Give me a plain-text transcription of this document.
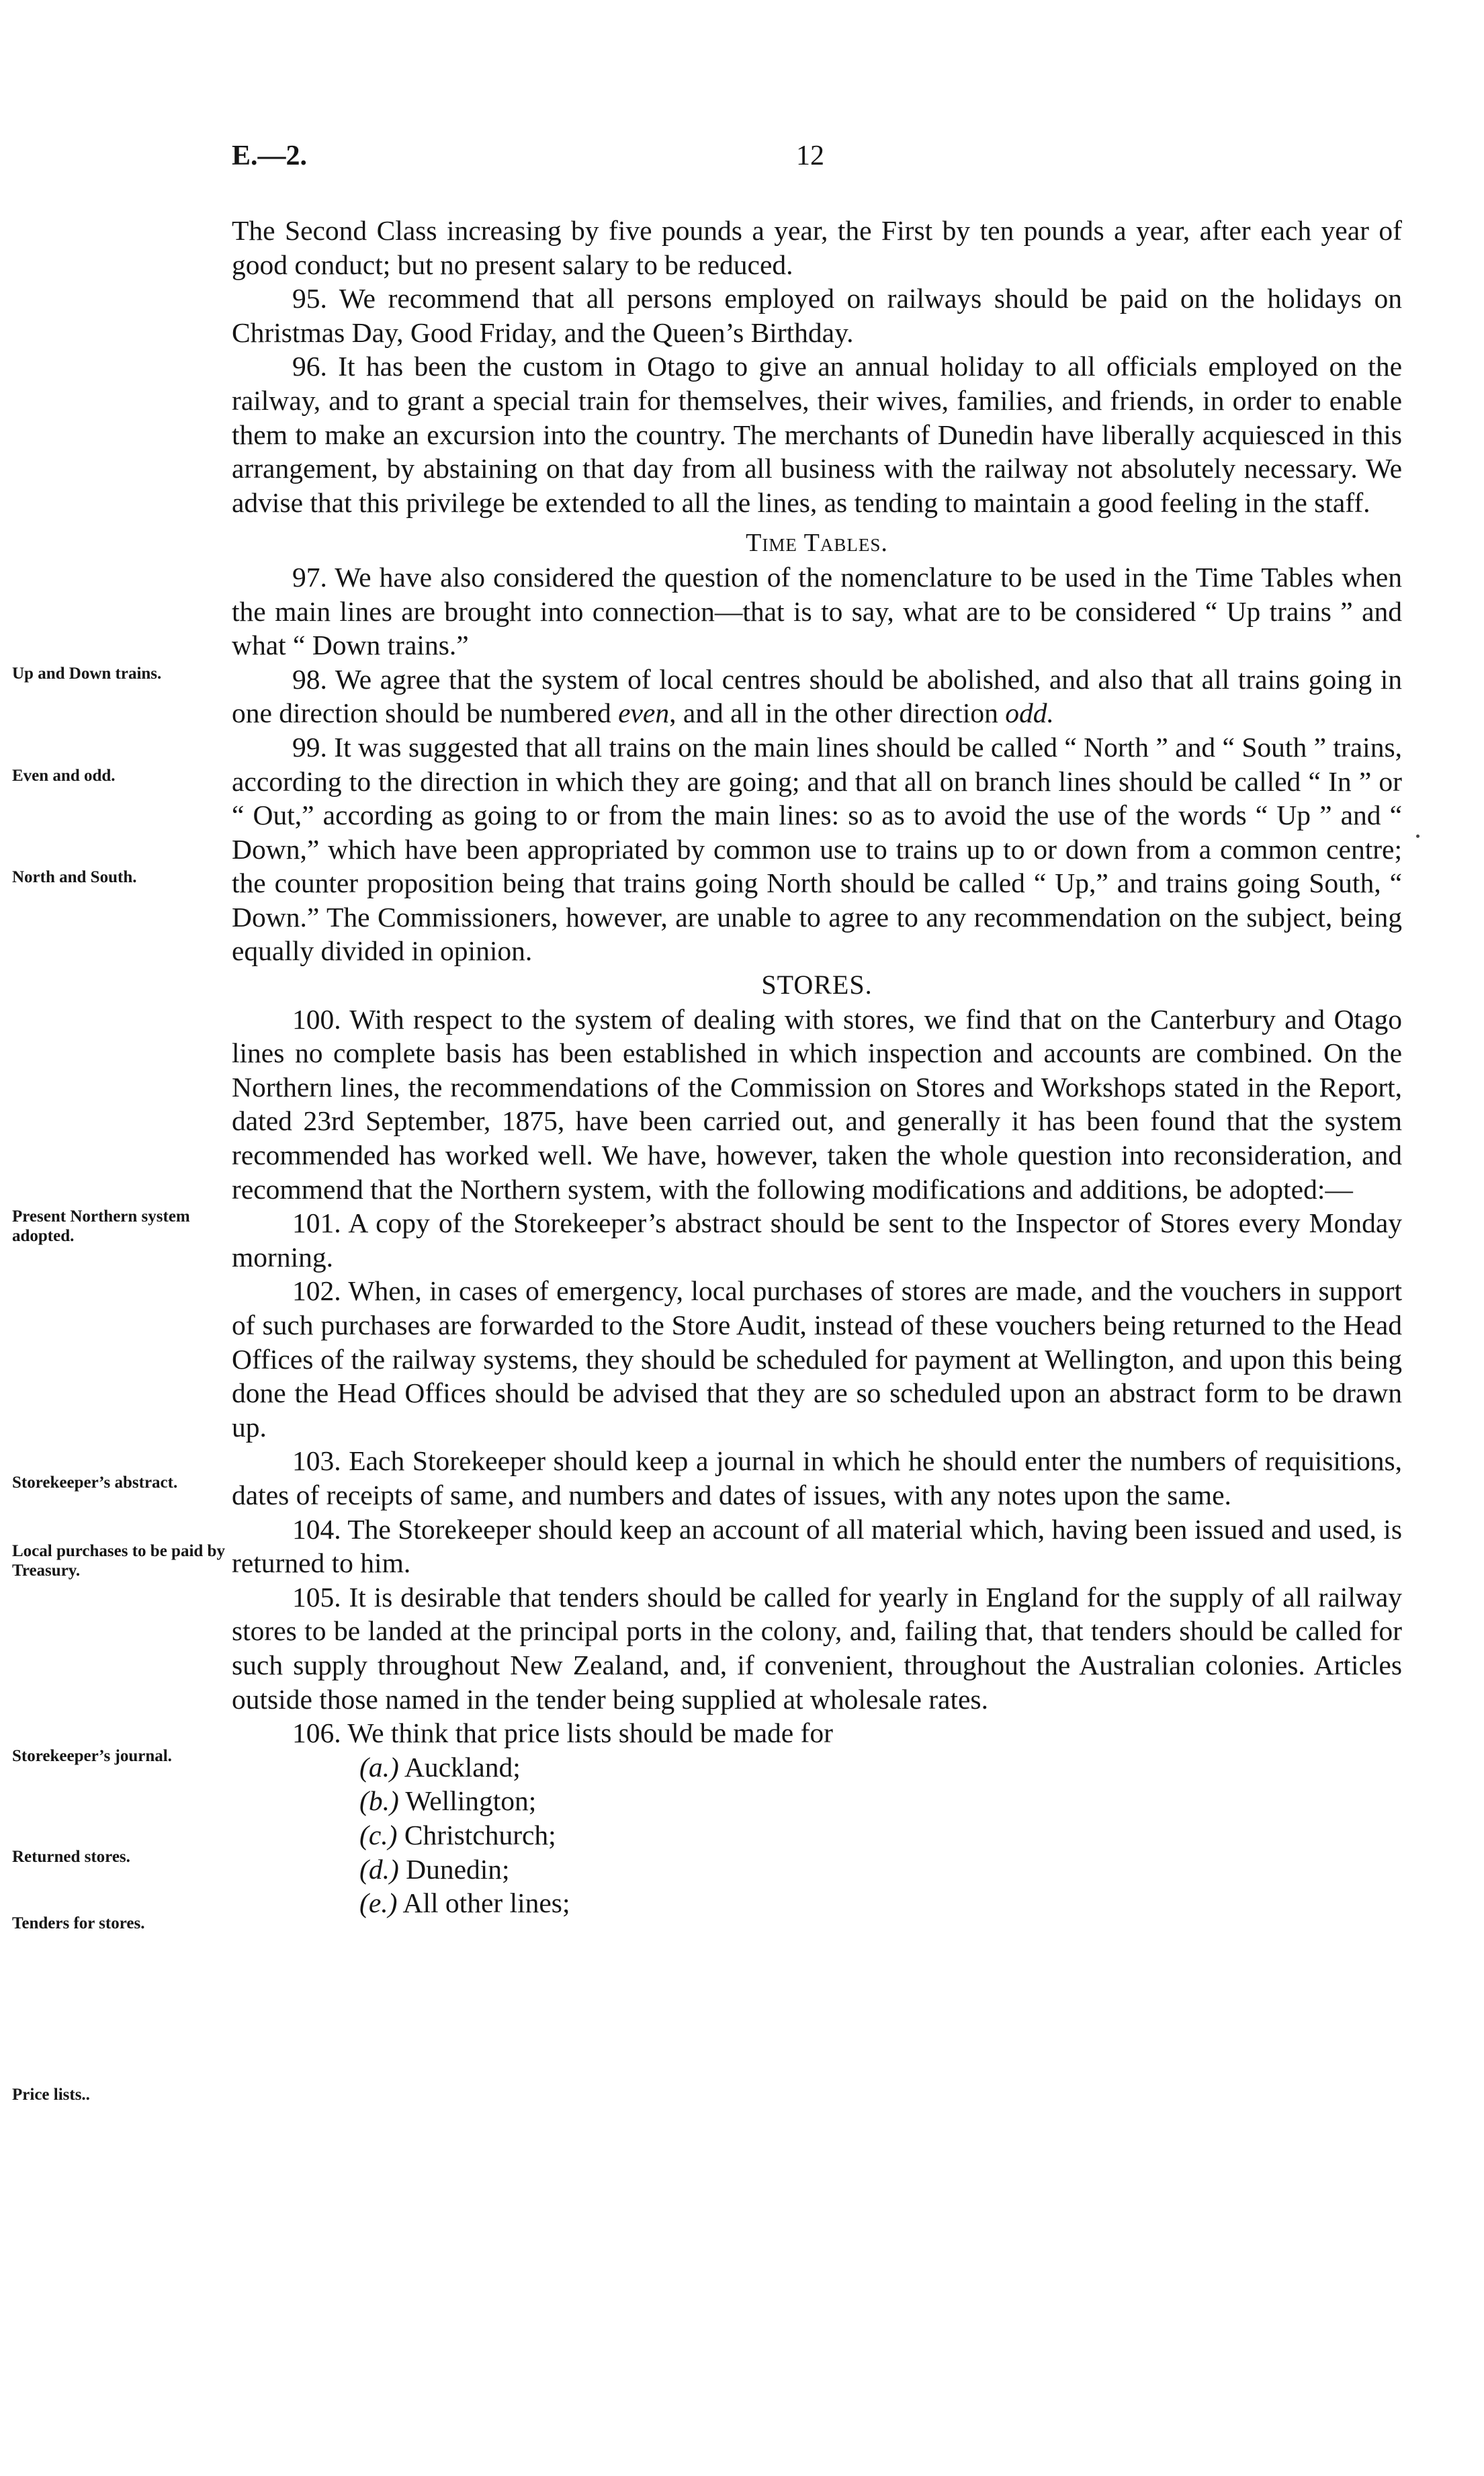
E.—2.	12
Up and Down trains.
Even and odd.
North and South.
Present Northern system adopted.
Storekeeper’s abstract.
Local purchases to be paid by Treasury.
Storekeeper’s journal.
Returned stores.
Tenders for stores.
Price lists..

The Second Class increasing by five pounds a year, the First by ten pounds a year, after each year of good conduct; but no present salary to be reduced.

95. We recommend that all persons employed on railways should be paid on the holidays on Christmas Day, Good Friday, and the Queen’s Birthday.

96. It has been the custom in Otago to give an annual holiday to all officials employed on the railway, and to grant a special train for themselves, their wives, families, and friends, in order to enable them to make an excursion into the country. The merchants of Dunedin have liberally acquiesced in this arrangement, by abstaining on that day from all business with the railway not absolutely necessary. We advise that this privilege be extended to all the lines, as tending to maintain a good feeling in the staff.

Time Tables.

97. We have also considered the question of the nomenclature to be used in the Time Tables when the main lines are brought into connection—that is to say, what are to be considered “ Up trains ” and what “ Down trains.”

98. We agree that the system of local centres should be abolished, and also that all trains going in one direction should be numbered even, and all in the other direction odd.

99. It was suggested that all trains on the main lines should be called “ North ” and “ South ” trains, according to the direction in which they are going; and that all on branch lines should be called “ In ” or “ Out,” according as going to or from the main lines: so as to avoid the use of the words “ Up ” and “ Down,” which have been appropriated by common use to trains up to or down from a common centre; the counter proposition being that trains going North should be called “ Up,” and trains going South, “ Down.” The Commissioners, however, are unable to agree to any recommendation on the subject, being equally divided in opinion.

STORES.

100. With respect to the system of dealing with stores, we find that on the Canterbury and Otago lines no complete basis has been established in which inspection and accounts are combined. On the Northern lines, the recommendations of the Commission on Stores and Workshops stated in the Report, dated 23rd September, 1875, have been carried out, and generally it has been found that the system recommended has worked well. We have, however, taken the whole question into reconsideration, and recommend that the Northern system, with the following modifications and additions, be adopted:—

101. A copy of the Storekeeper’s abstract should be sent to the Inspector of Stores every Monday morning.

102. When, in cases of emergency, local purchases of stores are made, and the vouchers in support of such purchases are forwarded to the Store Audit, instead of these vouchers being returned to the Head Offices of the railway systems, they should be scheduled for payment at Wellington, and upon this being done the Head Offices should be advised that they are so scheduled upon an abstract form to be drawn up.

103. Each Storekeeper should keep a journal in which he should enter the numbers of requisitions, dates of receipts of same, and numbers and dates of issues, with any notes upon the same.

104. The Storekeeper should keep an account of all material which, having been issued and used, is returned to him.

105. It is desirable that tenders should be called for yearly in England for the supply of all railway stores to be landed at the principal ports in the colony, and, failing that, that tenders should be called for such supply throughout New Zealand, and, if convenient, throughout the Australian colonies. Articles outside those named in the tender being supplied at wholesale rates.

106. We think that price lists should be made for

(a.) Auckland;
(b.) Wellington;
(c.) Christchurch;
(d.) Dunedin;
(e.) All other lines;
